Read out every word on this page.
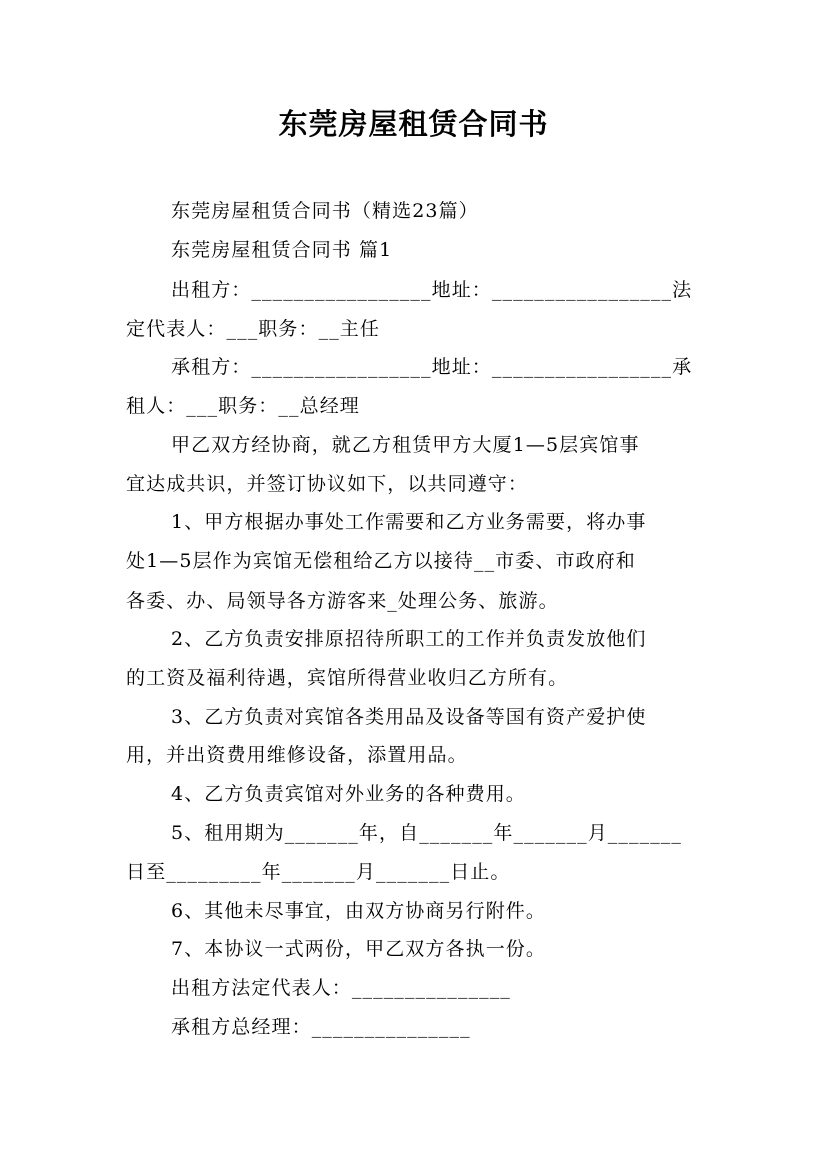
东莞房屋租赁合同书
东莞房屋租赁合同书（精选23篇）
东莞房屋租赁合同书 篇1
出租方：_________________地址：_________________法
定代表人：___职务：__主任
承租方：_________________地址：_________________承
租人：___职务：__总经理
甲乙双方经协商，就乙方租赁甲方大厦1—5层宾馆事
宜达成共识，并签订协议如下，以共同遵守：
1、甲方根据办事处工作需要和乙方业务需要，将办事
处1—5层作为宾馆无偿租给乙方以接待__市委、市政府和
各委、办、局领导各方游客来_处理公务、旅游。
2、乙方负责安排原招待所职工的工作并负责发放他们
的工资及福利待遇，宾馆所得营业收归乙方所有。
3、乙方负责对宾馆各类用品及设备等国有资产爱护使
用，并出资费用维修设备，添置用品。
4、乙方负责宾馆对外业务的各种费用。
5、租用期为_______年，自_______年_______月_______
日至_________年_______月_______日止。
6、其他未尽事宜，由双方协商另行附件。
7、本协议一式两份，甲乙双方各执一份。
出租方法定代表人：_______________
承租方总经理：_______________
